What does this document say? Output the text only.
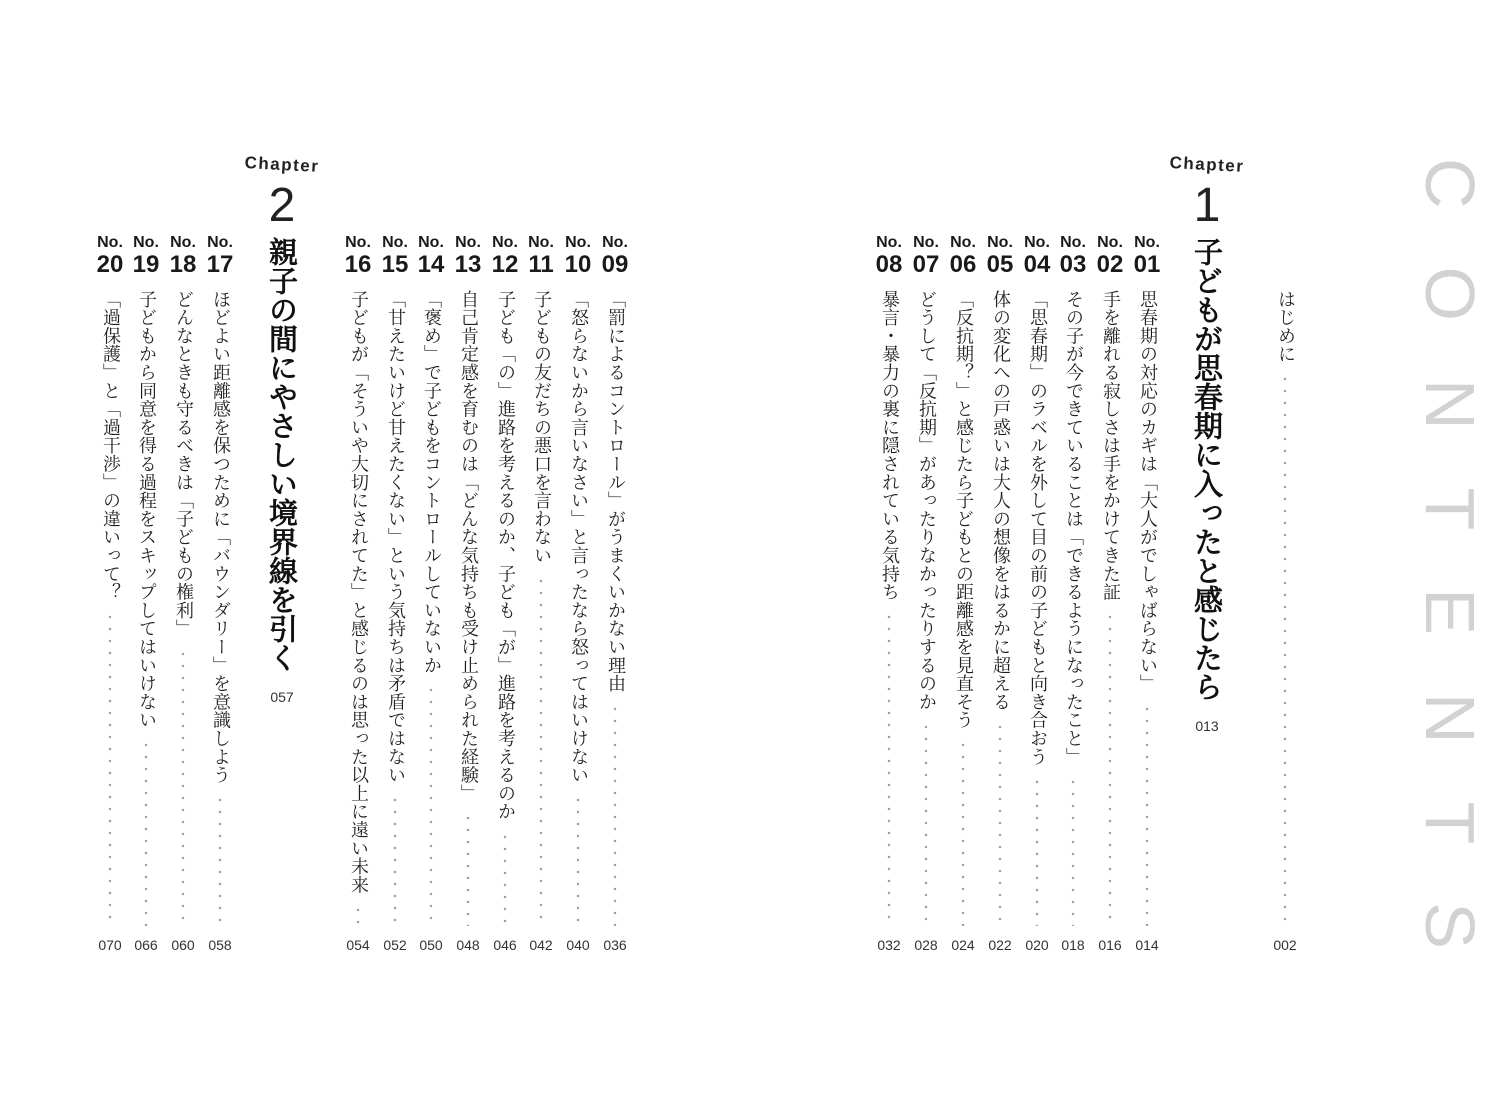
CONTENTS
はじめに
002
Chapter
1
子どもが思春期に入ったと感じたら
013
No.
01
思春期の対応のカギは「大人がでしゃばらない」
014
No.
02
手を離れる寂しさは手をかけてきた証
016
No.
03
その子が今できていることは「できるようになったこと」
018
No.
04
「思春期」のラベルを外して目の前の子どもと向き合おう
020
No.
05
体の変化への戸惑いは大人の想像をはるかに超える
022
No.
06
「反抗期？」と感じたら子どもとの距離感を見直そう
024
No.
07
どうして「反抗期」があったりなかったりするのか
028
No.
08
暴言・暴力の裏に隠されている気持ち
032
No.
09
「罰によるコントロール」がうまくいかない理由
036
No.
10
「怒らないから言いなさい」と言ったなら怒ってはいけない
040
No.
11
子どもの友だちの悪口を言わない
042
No.
12
子ども「の」進路を考えるのか、子ども「が」進路を考えるのか
046
No.
13
自己肯定感を育むのは「どんな気持ちも受け止められた経験」
048
No.
14
「褒め」で子どもをコントロールしていないか
050
No.
15
「甘えたいけど甘えたくない」という気持ちは矛盾ではない
052
No.
16
子どもが「そういや大切にされてた」と感じるのは思った以上に遠い未来
054
Chapter
2
親子の間にやさしい境界線を引く
057
No.
17
ほどよい距離感を保つために「バウンダリー」を意識しよう
058
No.
18
どんなときも守るべきは「子どもの権利」
060
No.
19
子どもから同意を得る過程をスキップしてはいけない
066
No.
20
「過保護」と「過干渉」の違いって？
070
